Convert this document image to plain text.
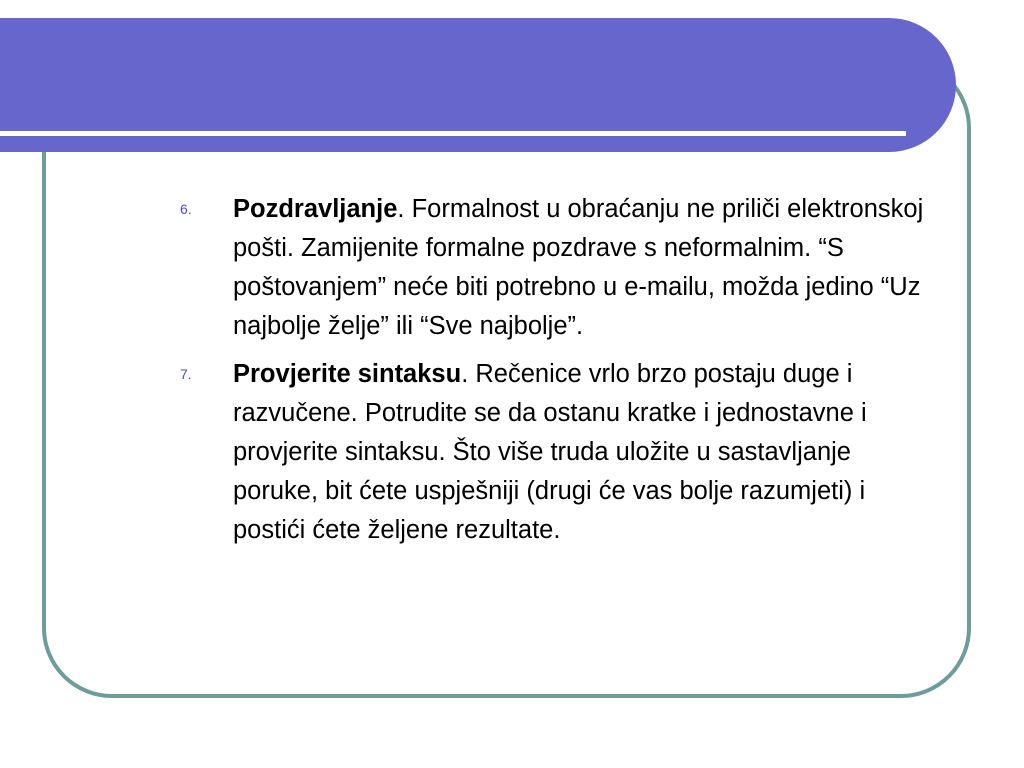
6. Pozdravljanje. Formalnost u obraćanju ne priliči elektronskoj pošti. Zamijenite formalne pozdrave s neformalnim. “S poštovanjem” neće biti potrebno u e-mailu, možda jedino “Uz najbolje želje” ili “Sve najbolje”.
7. Provjerite sintaksu. Rečenice vrlo brzo postaju duge i razvučene. Potrudite se da ostanu kratke i jednostavne i provjerite sintaksu. Što više truda uložite u sastavljanje poruke, bit ćete uspješniji (drugi će vas bolje razumjeti) i postići ćete željene rezultate.
